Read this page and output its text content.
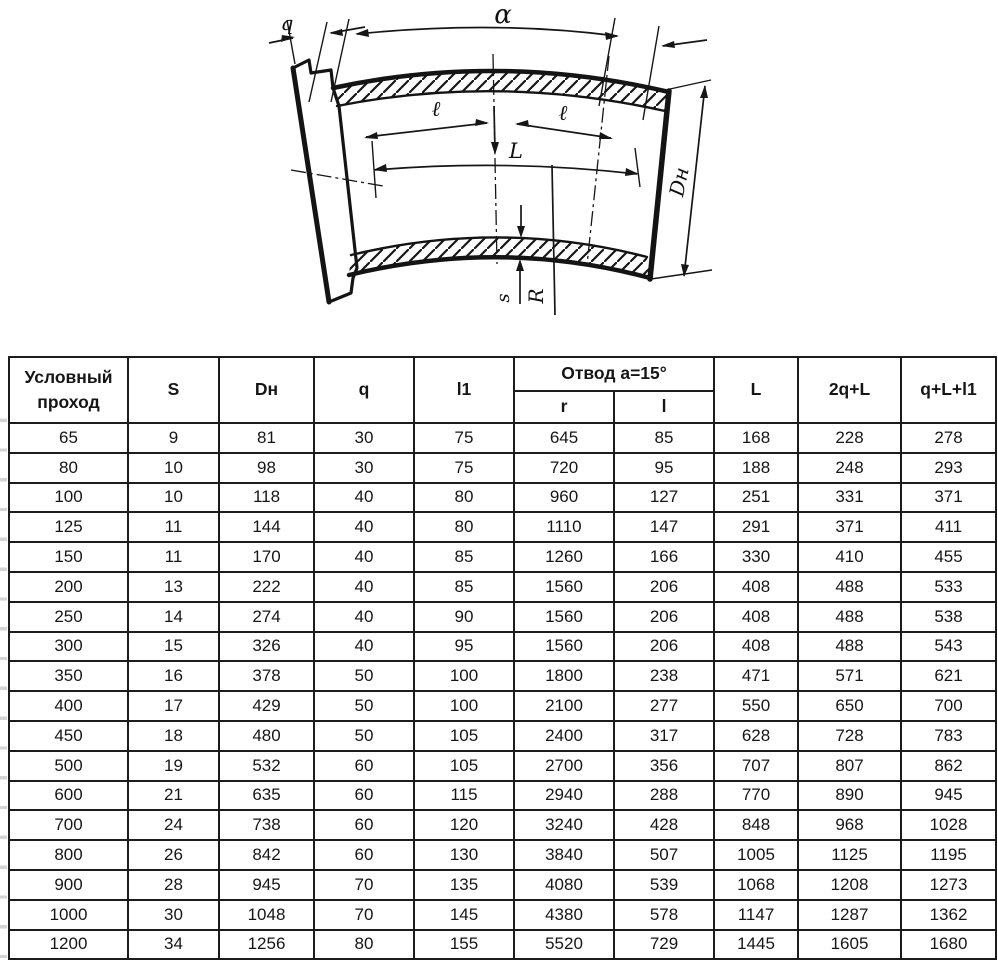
α
q
ℓ	ℓ
L
Dн
s R
Условный проход	S	Dн	q	l1	Отвод a=15°		L	2q+L	q+L+l1
					r	l			
65	9	81	30	75	645	85	168	228	278
80	10	98	30	75	720	95	188	248	293
100	10	118	40	80	960	127	251	331	371
125	11	144	40	80	1110	147	291	371	411
150	11	170	40	85	1260	166	330	410	455
200	13	222	40	85	1560	206	408	488	533
250	14	274	40	90	1560	206	408	488	538
300	15	326	40	95	1560	206	408	488	543
350	16	378	50	100	1800	238	471	571	621
400	17	429	50	100	2100	277	550	650	700
450	18	480	50	105	2400	317	628	728	783
500	19	532	60	105	2700	356	707	807	862
600	21	635	60	115	2940	288	770	890	945
700	24	738	60	120	3240	428	848	968	1028
800	26	842	60	130	3840	507	1005	1125	1195
900	28	945	70	135	4080	539	1068	1208	1273
1000	30	1048	70	145	4380	578	1147	1287	1362
1200	34	1256	80	155	5520	729	1445	1605	1680
